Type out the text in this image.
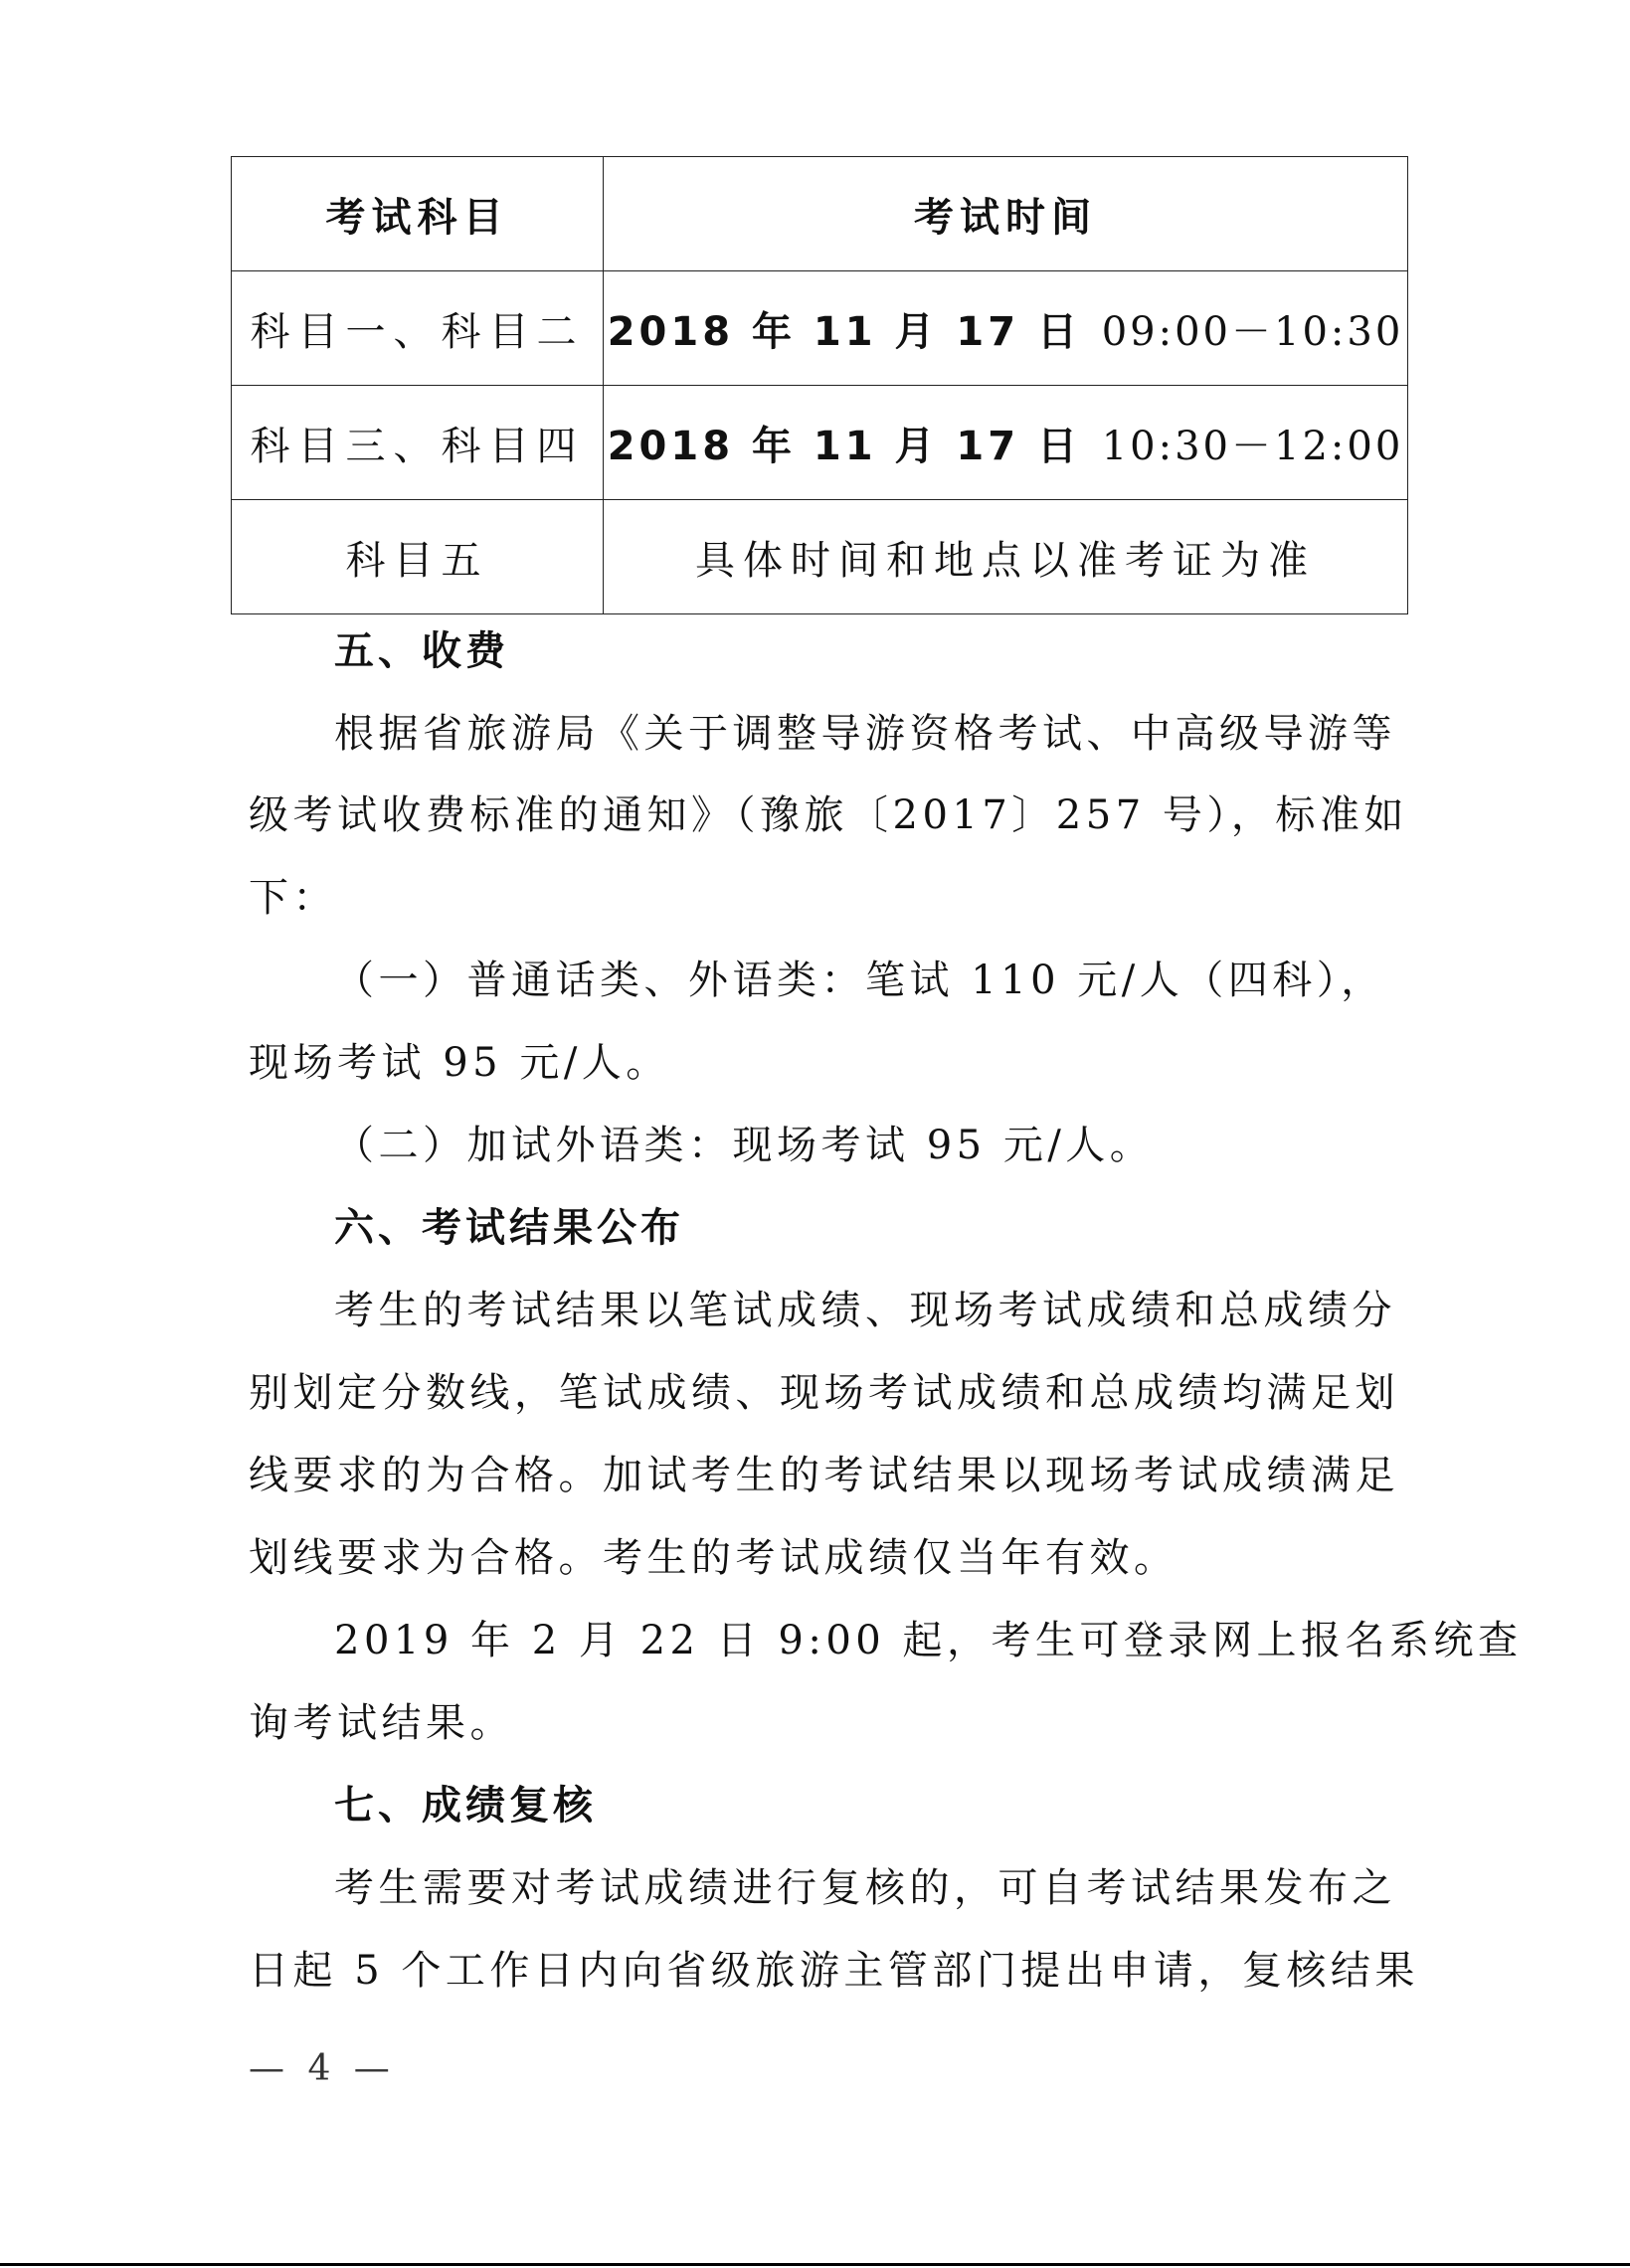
考试科目	考试时间
科目一、科目二	2018 年 11 月 17 日 09:00－10:30
科目三、科目四	2018 年 11 月 17 日 10:30－12:00
科目五	具体时间和地点以准考证为准
五、收费
根据省旅游局《关于调整导游资格考试、中高级导游等
级考试收费标准的通知》（豫旅〔2017〕257 号），标准如
下：
（一）普通话类、外语类：笔试 110 元/人（四科），
现场考试 95 元/人。
（二）加试外语类：现场考试 95 元/人。
六、考试结果公布
考生的考试结果以笔试成绩、现场考试成绩和总成绩分
别划定分数线，笔试成绩、现场考试成绩和总成绩均满足划
线要求的为合格。加试考生的考试结果以现场考试成绩满足
划线要求为合格。考生的考试成绩仅当年有效。
2019 年 2 月 22 日 9:00 起，考生可登录网上报名系统查
询考试结果。
七、成绩复核
考生需要对考试成绩进行复核的，可自考试结果发布之
日起 5 个工作日内向省级旅游主管部门提出申请，复核结果
— 4 —
